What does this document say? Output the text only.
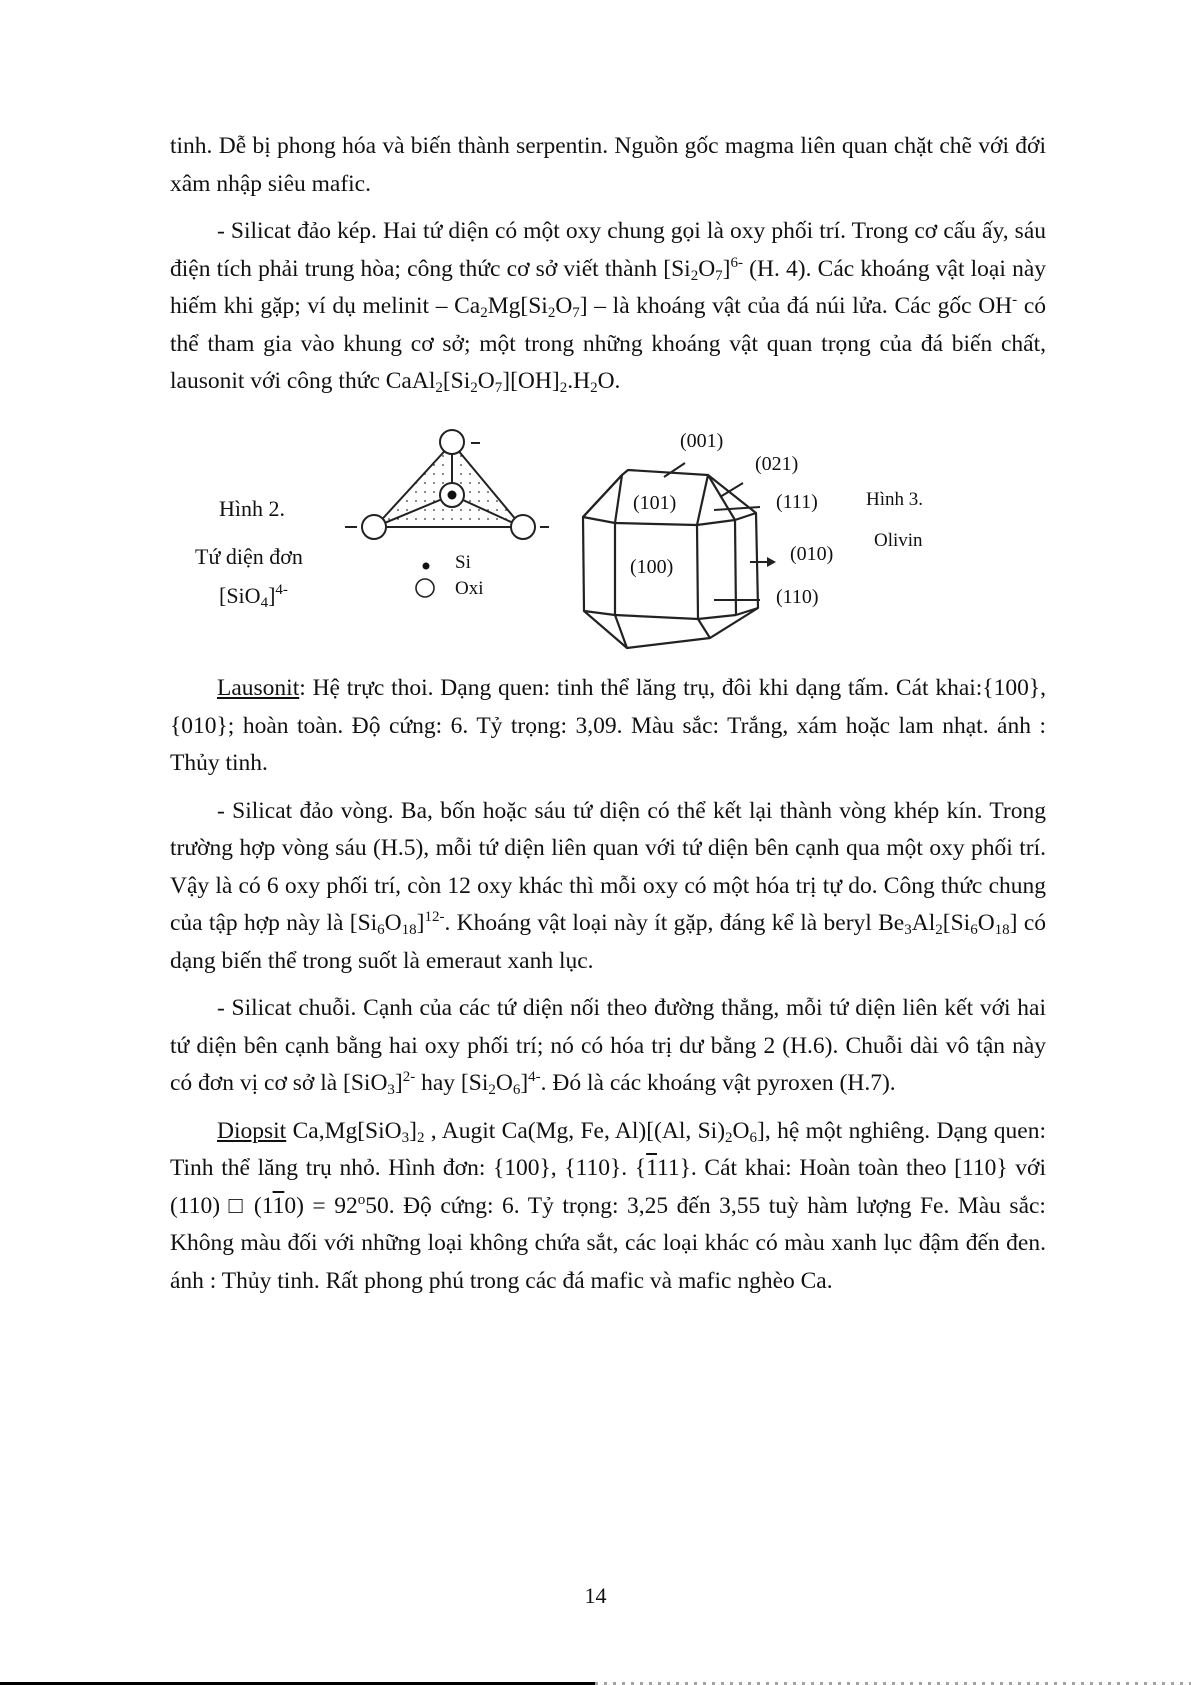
tinh. Dễ bị phong hóa và biến thành serpentin. Nguồn gốc magma liên quan chặt chẽ với đới xâm nhập siêu mafic.

- Silicat đảo kép. Hai tứ diện có một oxy chung gọi là oxy phối trí. Trong cơ cấu ấy, sáu điện tích phải trung hòa; công thức cơ sở viết thành $[Si_2O_7]^{6-}$ (H. 4). Các khoáng vật loại này hiếm khi gặp; ví dụ melinit – $Ca_2Mg[Si_2O_7]$ – là khoáng vật của đá núi lửa. Các gốc OH- có thể tham gia vào khung cơ sở; một trong những khoáng vật quan trọng của đá biến chất, lausonit với công thức $CaAl_2[Si_2O_7][OH]_2.H_2O$.

Hình 2.
Tứ diện đơn
$[SiO_4]^{4-}$
Si
Oxi
(001)
(021)
(101)	(111)
(100)
(010)
(110)
Hình 3.
Olivin

Lausonit: Hệ trực thoi. Dạng quen: tinh thể lăng trụ, đôi khi dạng tấm. Cát khai:{100}, {010}; hoàn toàn. Độ cứng: 6. Tỷ trọng: 3,09. Màu sắc: Trắng, xám hoặc lam nhạt. ánh : Thủy tinh.

- Silicat đảo vòng. Ba, bốn hoặc sáu tứ diện có thể kết lại thành vòng khép kín. Trong trường hợp vòng sáu (H.5), mỗi tứ diện liên quan với tứ diện bên cạnh qua một oxy phối trí. Vậy là có 6 oxy phối trí, còn 12 oxy khác thì mỗi oxy có một hóa trị tự do. Công thức chung của tập hợp này là $[Si_6O_{18}]^{12-}$. Khoáng vật loại này ít gặp, đáng kể là beryl $Be_3Al_2[Si_6O_{18}]$ có dạng biến thể trong suốt là emeraut xanh lục.

- Silicat chuỗi. Cạnh của các tứ diện nối theo đường thẳng, mỗi tứ diện liên kết với hai tứ diện bên cạnh bằng hai oxy phối trí; nó có hóa trị dư bằng 2 (H.6). Chuỗi dài vô tận này có đơn vị cơ sở là $[SiO_3]^{2-}$ hay $[Si_2O_6]^{4-}$. Đó là các khoáng vật pyroxen (H.7).

Diopsit $Ca,Mg[SiO_3]_2$ , Augit Ca(Mg, Fe, Al)[(Al, $Si)_2O_6$], hệ một nghiêng. Dạng quen: Tinh thể lăng trụ nhỏ. Hình đơn: {100}, {110}. {111}. Cát khai: Hoàn toàn theo [110} với (110) □ $(110) = 92^o50$. Độ cứng: 6. Tỷ trọng: 3,25 đến 3,55 tuỳ hàm lượng Fe. Màu sắc: Không màu đối với những loại không chứa sắt, các loại khác có màu xanh lục đậm đến đen. ánh : Thủy tinh. Rất phong phú trong các đá mafic và mafic nghèo Ca.

14
